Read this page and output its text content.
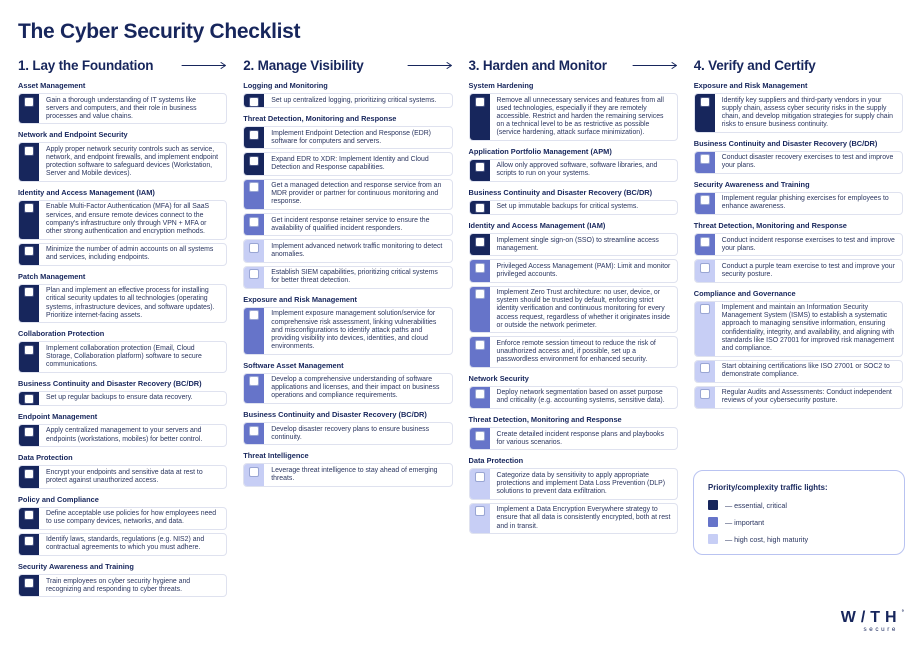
The Cyber Security Checklist
1. Lay the Foundation
Asset Management

Gain a thorough understanding of IT systems like servers and computers, and their role in business processes and value chains.

Network and Endpoint Security

Apply proper network security controls such as service, network, and endpoint firewalls, and implement endpoint protection software to safeguard devices (Workstation, Server and Mobile devices).

Identity and Access Management (IAM)

Enable Multi-Factor Authentication (MFA) for all SaaS services, and ensure remote devices connect to the company's infrastructure only through VPN + MFA or other strong authentication and encryption methods.

Minimize the number of admin accounts on all systems and services, including endpoints.

Patch Management

Plan and implement an effective process for installing critical security updates to all technologies (operating systems, infrastructure devices, and software updates). Prioritize internet-facing assets.

Collaboration Protection

Implement collaboration protection (Email, Cloud Storage, Collaboration platform) software to secure communications.

Business Continuity and Disaster Recovery (BC/DR)

Set up regular backups to ensure data recovery.

Endpoint Management

Apply centralized management to your servers and endpoints (workstations, mobiles) for better control.

Data Protection

Encrypt your endpoints and sensitive data at rest to protect against unauthorized access.

Policy and Compliance

Define acceptable use policies for how employees need to use company devices, networks, and data.

Identify laws, standards, regulations (e.g. NIS2) and contractual agreements to which you must adhere.

Security Awareness and Training

Train employees on cyber security hygiene and recognizing and responding to cyber threats.

2. Manage Visibility
Logging and Monitoring

Set up centralized logging, prioritizing critical systems.

Threat Detection, Monitoring and Response

Implement Endpoint Detection and Response (EDR) software for computers and servers.

Expand EDR to XDR: Implement Identity and Cloud Detection and Response capabilities.

Get a managed detection and response service from an MDR provider or partner for continuous monitoring and response.

Get incident response retainer service to ensure the availability of qualified incident responders.

Implement advanced network traffic monitoring to detect anomalies.

Establish SIEM capabilities, prioritizing critical systems for better threat detection.

Exposure and Risk Management

Implement exposure management solution/service for comprehensive risk assessment, linking vulnerabilities and misconfigurations to identify attack paths and providing visibility into devices, identities, and cloud environments.

Software Asset Management

Develop a comprehensive understanding of software applications and licenses, and their impact on business operations and compliance requirements.

Business Continuity and Disaster Recovery (BC/DR)

Develop disaster recovery plans to ensure business continuity.

Threat Intelligence

Leverage threat intelligence to stay ahead of emerging threats.

3. Harden and Monitor
System Hardening

Remove all unnecessary services and features from all used technologies, especially if they are remotely accessible. Restrict and harden the remaining services on a technical level to be as restrictive as possible (service hardening, attack surface minimization).

Application Portfolio Management (APM)

Allow only approved software, software libraries, and scripts to run on your systems.

Business Continuity and Disaster Recovery (BC/DR)

Set up immutable backups for critical systems.

Identity and Access Management (IAM)

Implement single sign-on (SSO) to streamline access management.

Privileged Access Management (PAM): Limit and monitor privileged accounts.

Implement Zero Trust architecture: no user, device, or system should be trusted by default, enforcing strict identity verification and continuous monitoring for every access request, regardless of whether it originates inside or outside the network perimeter.

Enforce remote session timeout to reduce the risk of unauthorized access and, if possible, set up a passwordless environment for enhanced security.

Network Security

Deploy network segmentation based on asset purpose and criticality (e.g. accounting systems, sensitive data).

Threat Detection, Monitoring and Response

Create detailed incident response plans and playbooks for various scenarios.

Data Protection

Categorize data by sensitivity to apply appropriate protections and implement Data Loss Prevention (DLP) solutions to prevent data exfiltration.

Implement a Data Encryption Everywhere strategy to ensure that all data is consistently encrypted, both at rest and in transit.

4. Verify and Certify
Exposure and Risk Management

Identify key suppliers and third-party vendors in your supply chain, assess cyber security risks in the supply chain, and develop mitigation strategies for supply chain risks to ensure business continuity.

Business Continuity and Disaster Recovery (BC/DR)

Conduct disaster recovery exercises to test and improve your plans.

Security Awareness and Training

Implement regular phishing exercises for employees to enhance awareness.

Threat Detection, Monitoring and Response

Conduct incident response exercises to test and improve your plans.

Conduct a purple team exercise to test and improve your security posture.

Compliance and Governance

Implement and maintain an Information Security Management System (ISMS) to establish a systematic approach to managing sensitive information, ensuring confidentiality, integrity, and availability, and aligning with standards like ISO 27001 for improved risk management and compliance.

Start obtaining certifications like ISO 27001 or SOC2 to demonstrate compliance.

Regular Audits and Assessments: Conduct independent reviews of your cybersecurity posture.

Priority/complexity traffic lights:

— essential, critical
— important
— high cost, high maturity
W/TH°
secure
